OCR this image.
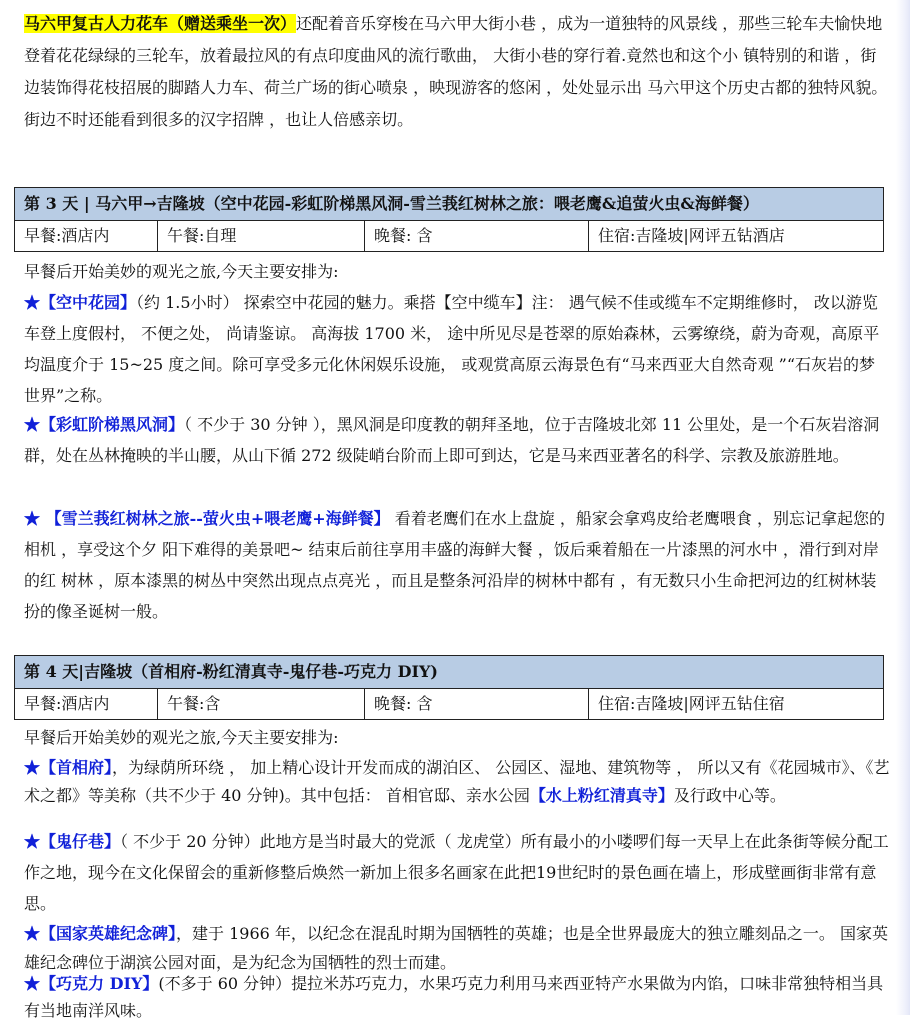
马六甲复古人力花车（赠送乘坐一次）还配着音乐穿梭在马六甲大街小巷 ，成为一道独特的风景线 ，那些三轮车夫愉快地登着花花绿绿的三轮车，放着最拉风的有点印度曲风的流行歌曲， 大街小巷的穿行着.竟然也和这个小 镇特别的和谐 ，街边装饰得花枝招展的脚踏人力车、荷兰广场的街心喷泉 ，映现游客的悠闲 ，处处显示出 马六甲这个历史古都的独特风貌。街边不时还能看到很多的汉字招牌 ，也让人倍感亲切。

第 3 天 | 马六甲→吉隆坡（空中花园-彩虹阶梯黑风洞-雪兰莪红树林之旅：喂老鹰&追萤火虫&海鲜餐）
早餐:酒店内	午餐:自理	晚餐: 含	住宿:吉隆坡|网评五钻酒店

早餐后开始美妙的观光之旅,今天主要安排为:

★【空中花园】（约 1.5小时） 探索空中花园的魅力。乘搭【空中缆车】注： 遇气候不佳或缆车不定期维修时， 改以游览车登上度假村， 不便之处， 尚请鉴谅。 高海拔 1700 米， 途中所见尽是苍翠的原始森林，云雾缭绕，蔚为奇观，高原平均温度介于 15~25 度之间。除可享受多元化休闲娱乐设施， 或观赏高原云海景色有“马来西亚大自然奇观 ”“石灰岩的梦世界”之称。

★【彩虹阶梯黑风洞】（ 不少于 30 分钟 ），黑风洞是印度教的朝拜圣地，位于吉隆坡北郊 11 公里处，是一个石灰岩溶洞群，处在丛林掩映的半山腰，从山下循 272 级陡峭台阶而上即可到达，它是马来西亚著名的科学、宗教及旅游胜地。

★ 【雪兰莪红树林之旅--萤火虫+喂老鹰+海鲜餐】 看着老鹰们在水上盘旋 ，船家会拿鸡皮给老鹰喂食 ，别忘记拿起您的相机 ，享受这个夕 阳下难得的美景吧~ 结束后前往享用丰盛的海鲜大餐 ，饭后乘着船在一片漆黑的河水中 ，滑行到对岸的红 树林 ，原本漆黑的树丛中突然出现点点亮光 ，而且是整条河沿岸的树林中都有 ，有无数只小生命把河边的红树林装扮的像圣诞树一般。

第 4 天|吉隆坡（首相府-粉红清真寺-鬼仔巷-巧克力 DIY)
早餐:酒店内	午餐:含	晚餐: 含	住宿:吉隆坡|网评五钻住宿

早餐后开始美妙的观光之旅,今天主要安排为:

★【首相府】，为绿荫所环绕 ， 加上精心设计开发而成的湖泊区、 公园区、湿地、建筑物等 ， 所以又有《花园城市》、《艺术之都》等美称（共不少于 40 分钟)。其中包括： 首相官邸、亲水公园【水上粉红清真寺】及行政中心等。

★【鬼仔巷】（ 不少于 20 分钟）此地方是当时最大的党派（ 龙虎堂）所有最小的小喽啰们每一天早上在此条街等候分配工作之地，现今在文化保留会的重新修整后焕然一新加上很多名画家在此把19世纪时的景色画在墙上，形成壁画街非常有意思。

★【国家英雄纪念碑】，建于 1966 年，以纪念在混乱时期为国牺牲的英雄；也是全世界最庞大的独立雕刻品之一。 国家英雄纪念碑位于湖滨公园对面，是为纪念为国牺牲的烈士而建。

★【巧克力 DIY】(不多于 60 分钟）提拉米苏巧克力，水果巧克力利用马来西亚特产水果做为内馅，口味非常独特相当具有当地南洋风味。
